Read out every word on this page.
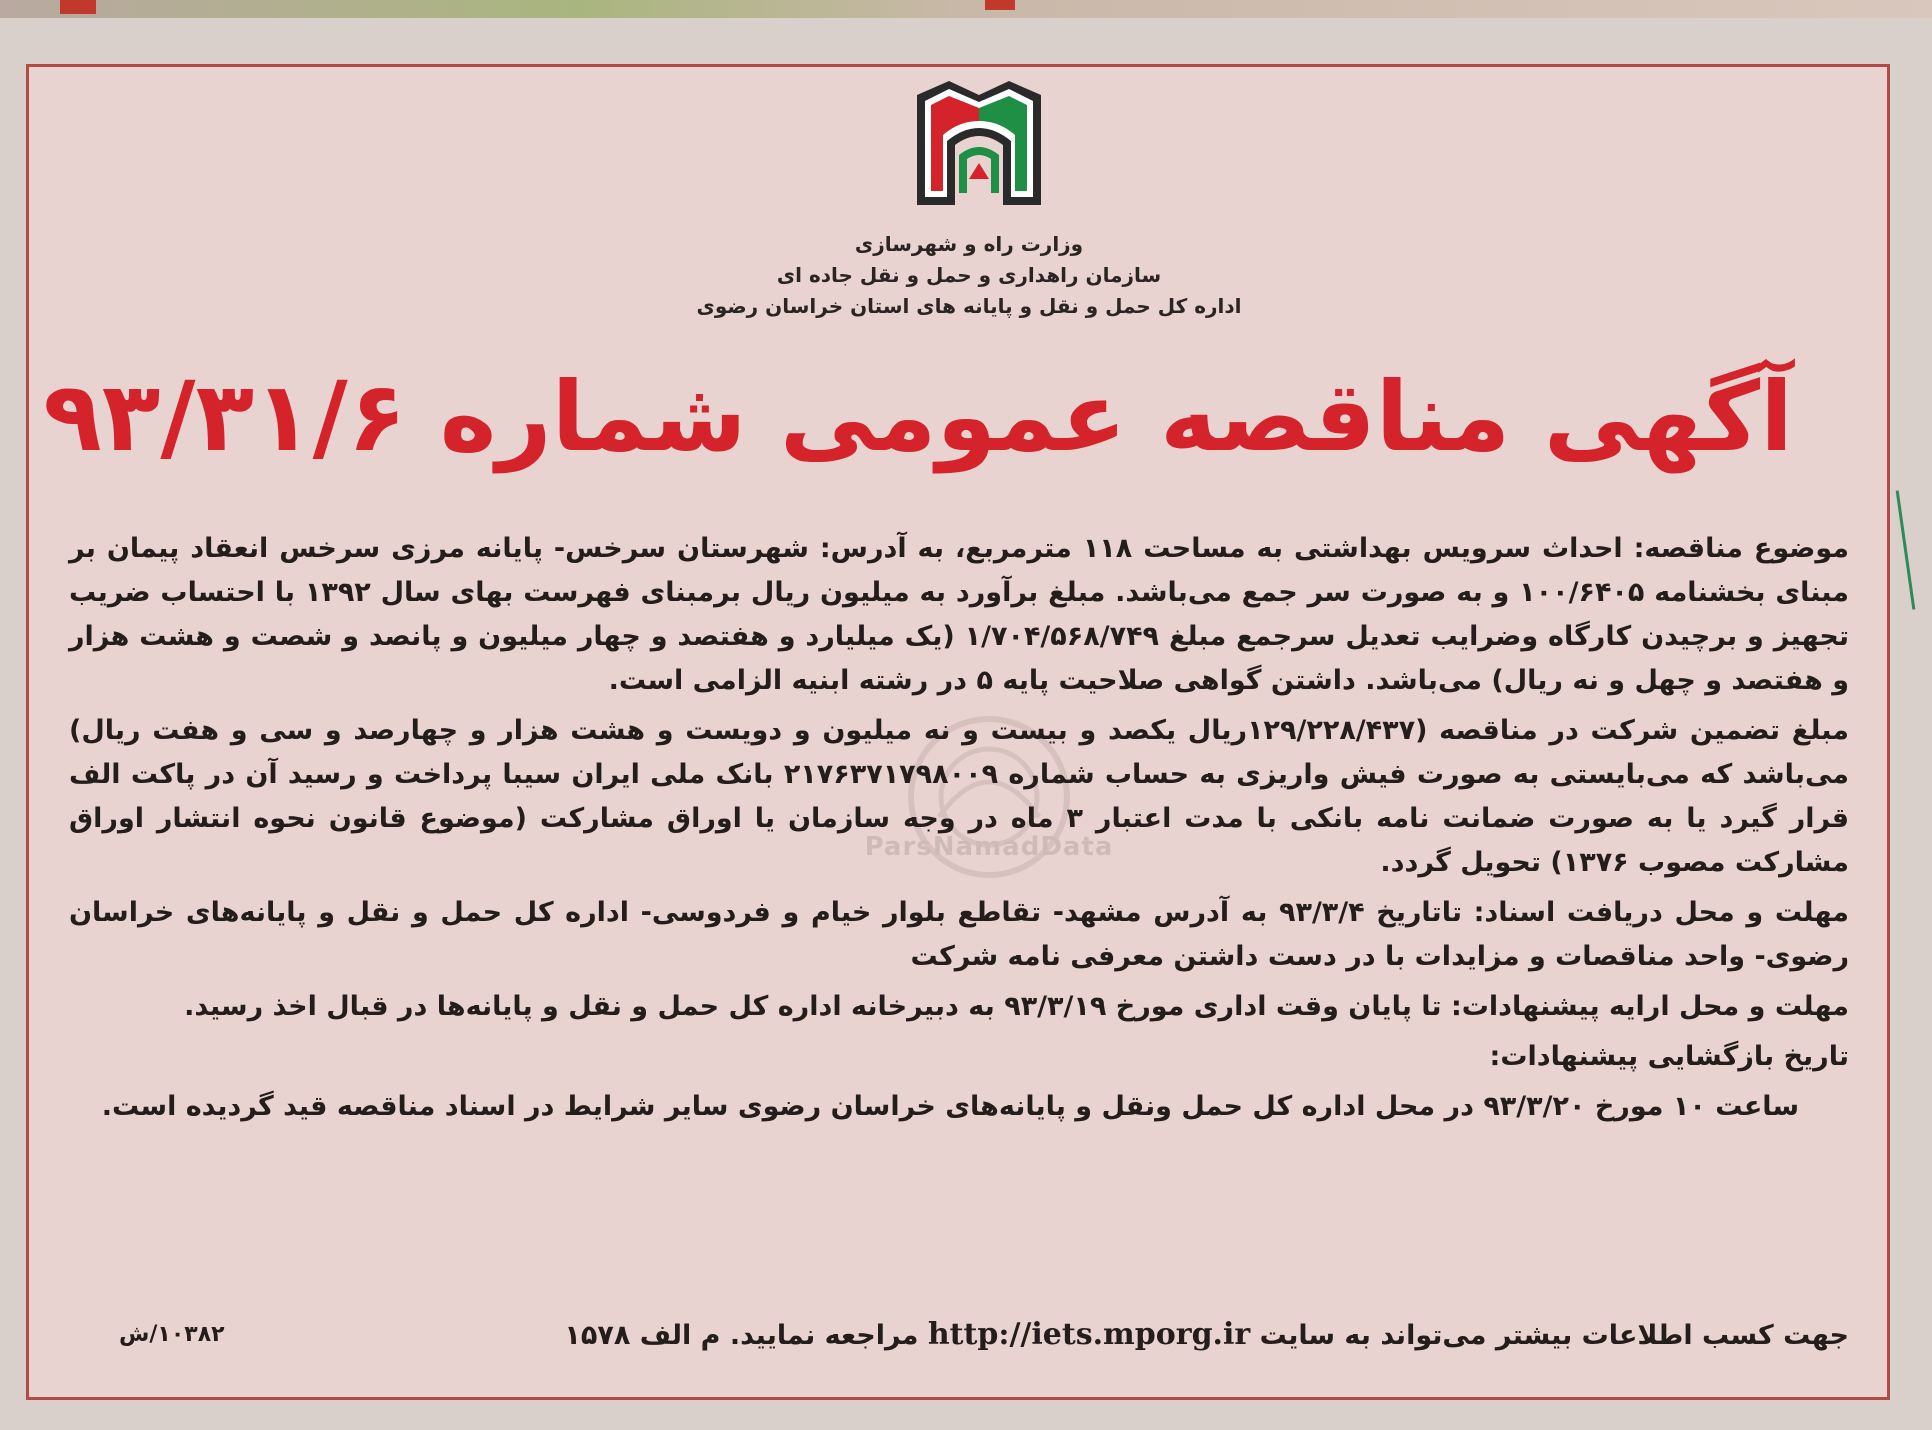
وزارت راه و شهرسازی
سازمان راهداری و حمل و نقل جاده ای
اداره کل حمل و نقل و پایانه های استان خراسان رضوی
آگهی مناقصه عمومی شماره ۹۳/۳۱/۶
ParsNamadData

موضوع مناقصه: احداث سرویس بهداشتی به مساحت ۱۱۸ مترمربع، به آدرس: شهرستان سرخس- پایانه مرزی سرخس انعقاد پیمان بر مبنای بخشنامه ۱۰۰/۶۴۰۵ و به صورت سر جمع می‌باشد. مبلغ برآورد به میلیون ریال برمبنای فهرست بهای سال ۱۳۹۲ با احتساب ضریب تجهیز و برچیدن کارگاه وضرایب تعدیل سرجمع مبلغ ۱/۷۰۴/۵۶۸/۷۴۹ (یک میلیارد و هفتصد و چهار میلیون و پانصد و شصت و هشت هزار و هفتصد و چهل و نه ریال) می‌باشد. داشتن گواهی صلاحیت پایه ۵ در رشته ابنیه الزامی است.

مبلغ تضمین شرکت در مناقصه (۱۲۹/۲۲۸/۴۳۷ریال یکصد و بیست و نه میلیون و دویست و هشت هزار و چهارصد و سی و هفت ریال) می‌باشد که می‌بایستی به صورت فیش واریزی به حساب شماره ۲۱۷۶۳۷۱۷۹۸۰۰۹ بانک ملی ایران سیبا پرداخت و رسید آن در پاکت الف قرار گیرد یا به صورت ضمانت نامه بانکی با مدت اعتبار ۳ ماه در وجه سازمان یا اوراق مشارکت (موضوع قانون نحوه انتشار اوراق مشارکت مصوب ۱۳۷۶) تحویل گردد.

مهلت و محل دریافت اسناد: تاتاریخ ۹۳/۳/۴ به آدرس مشهد- تقاطع بلوار خیام و فردوسی- اداره کل حمل و نقل و پایانه‌های خراسان رضوی- واحد مناقصات و مزایدات با در دست داشتن معرفی نامه شرکت

مهلت و محل ارایه پیشنهادات: تا پایان وقت اداری مورخ ۹۳/۳/۱۹ به دبیرخانه اداره کل حمل و نقل و پایانه‌ها در قبال اخذ رسید.

تاریخ بازگشایی پیشنهادات:

ساعت ۱۰ مورخ ۹۳/۳/۲۰ در محل اداره کل حمل ونقل و پایانه‌های خراسان رضوی سایر شرایط در اسناد مناقصه قید گردیده است.

جهت کسب اطلاعات بیشتر می‌تواند به سایت http://iets.mporg.ir مراجعه نمایید. م الف ۱۵۷۸
۱۰۳۸۲/ش
